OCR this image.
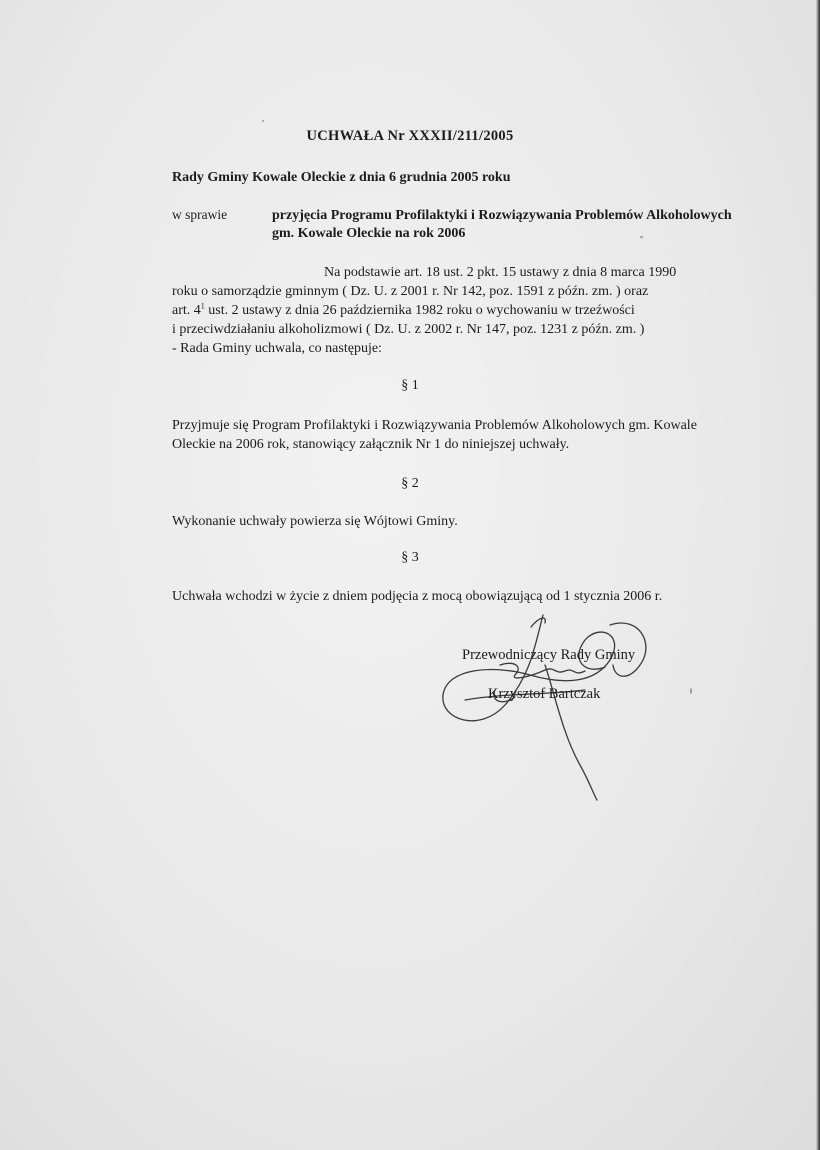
UCHWAŁA Nr XXXII/211/2005
Rady Gminy Kowale Oleckie z dnia 6 grudnia 2005 roku
w sprawie	przyjęcia Programu Profilaktyki i Rozwiązywania Problemów Alkoholowych gm. Kowale Oleckie na rok 2006
Na podstawie art. 18 ust. 2 pkt. 15 ustawy z dnia 8 marca 1990
roku o samorządzie gminnym ( Dz. U. z 2001 r. Nr 142, poz. 1591 z późn. zm. ) oraz
art. $4^1$ ust. 2 ustawy z dnia 26 października 1982 roku o wychowaniu w trzeźwości
i przeciwdziałaniu alkoholizmowi ( Dz. U. z 2002 r. Nr 147, poz. 1231 z późn. zm. )
- Rada Gminy uchwala, co następuje:
§ 1
Przyjmuje się Program Profilaktyki i Rozwiązywania Problemów Alkoholowych gm. Kowale Oleckie na 2006 rok, stanowiący załącznik Nr 1 do niniejszej uchwały.
§ 2
Wykonanie uchwały powierza się Wójtowi Gminy.
§ 3
Uchwała wchodzi w życie z dniem podjęcia z mocą obowiązującą od 1 stycznia 2006 r.
Przewodniczący Rady Gminy
Krzysztof Bartczak
